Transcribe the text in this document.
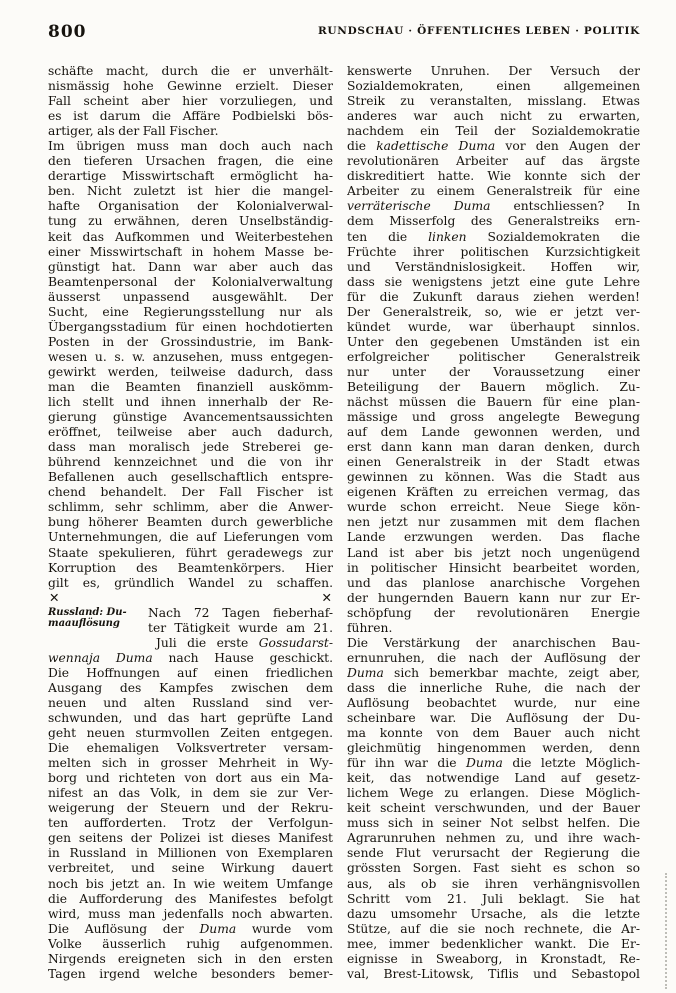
800	RUNDSCHAU · ÖFFENTLICHES LEBEN · POLITIK
schäfte macht, durch die er unverhält-
nismässig hohe Gewinne erzielt. Dieser
Fall scheint aber hier vorzuliegen, und
es ist darum die Affäre Podbielski bös-
artiger, als der Fall Fischer.
Im übrigen muss man doch auch nach
den tieferen Ursachen fragen, die eine
derartige Misswirtschaft ermöglicht ha-
ben. Nicht zuletzt ist hier die mangel-
hafte Organisation der Kolonialverwal-
tung zu erwähnen, deren Unselbständig-
keit das Aufkommen und Weiterbestehen
einer Misswirtschaft in hohem Masse be-
günstigt hat. Dann war aber auch das
Beamtenpersonal der Kolonialverwaltung
äusserst unpassend ausgewählt. Der
Sucht, eine Regierungsstellung nur als
Übergangsstadium für einen hochdotierten
Posten in der Grossindustrie, im Bank-
wesen u. s. w. anzusehen, muss entgegen-
gewirkt werden, teilweise dadurch, dass
man die Beamten finanziell auskömm-
lich stellt und ihnen innerhalb der Re-
gierung günstige Avancementsaussichten
eröffnet, teilweise aber auch dadurch,
dass man moralisch jede Streberei ge-
bührend kennzeichnet und die von ihr
Befallenen auch gesellschaftlich entspre-
chend behandelt. Der Fall Fischer ist
schlimm, sehr schlimm, aber die Anwer-
bung höherer Beamten durch gewerbliche
Unternehmungen, die auf Lieferungen vom
Staate spekulieren, führt geradewegs zur
Korruption des Beamtenkörpers. Hier
gilt es, gründlich Wandel zu schaffen.
✕	✕
Russland: Du-
maauflösung
Nach 72 Tagen fieberhaf-
ter Tätigkeit wurde am 21.
Juli die erste Gossudarst-
wennaja Duma nach Hause geschickt.
Die Hoffnungen auf einen friedlichen
Ausgang des Kampfes zwischen dem
neuen und alten Russland sind ver-
schwunden, und das hart geprüfte Land
geht neuen sturmvollen Zeiten entgegen.
Die ehemaligen Volksvertreter versam-
melten sich in grosser Mehrheit in Wy-
borg und richteten von dort aus ein Ma-
nifest an das Volk, in dem sie zur Ver-
weigerung der Steuern und der Rekru-
ten aufforderten. Trotz der Verfolgun-
gen seitens der Polizei ist dieses Manifest
in Russland in Millionen von Exemplaren
verbreitet, und seine Wirkung dauert
noch bis jetzt an. In wie weitem Umfange
die Aufforderung des Manifestes befolgt
wird, muss man jedenfalls noch abwarten.
Die Auflösung der Duma wurde vom
Volke äusserlich ruhig aufgenommen.
Nirgends ereigneten sich in den ersten
Tagen irgend welche besonders bemer-
kenswerte Unruhen. Der Versuch der
Sozialdemokraten, einen allgemeinen
Streik zu veranstalten, misslang. Etwas
anderes war auch nicht zu erwarten,
nachdem ein Teil der Sozialdemokratie
die kadettische Duma vor den Augen der
revolutionären Arbeiter auf das ärgste
diskreditiert hatte. Wie konnte sich der
Arbeiter zu einem Generalstreik für eine
verräterische Duma entschliessen? In
dem Misserfolg des Generalstreiks ern-
ten die linken Sozialdemokraten die
Früchte ihrer politischen Kurzsichtigkeit
und Verständnislosigkeit. Hoffen wir,
dass sie wenigstens jetzt eine gute Lehre
für die Zukunft daraus ziehen werden!
Der Generalstreik, so, wie er jetzt ver-
kündet wurde, war überhaupt sinnlos.
Unter den gegebenen Umständen ist ein
erfolgreicher politischer Generalstreik
nur unter der Voraussetzung einer
Beteiligung der Bauern möglich. Zu-
nächst müssen die Bauern für eine plan-
mässige und gross angelegte Bewegung
auf dem Lande gewonnen werden, und
erst dann kann man daran denken, durch
einen Generalstreik in der Stadt etwas
gewinnen zu können. Was die Stadt aus
eigenen Kräften zu erreichen vermag, das
wurde schon erreicht. Neue Siege kön-
nen jetzt nur zusammen mit dem flachen
Lande erzwungen werden. Das flache
Land ist aber bis jetzt noch ungenügend
in politischer Hinsicht bearbeitet worden,
und das planlose anarchische Vorgehen
der hungernden Bauern kann nur zur Er-
schöpfung der revolutionären Energie
führen.
Die Verstärkung der anarchischen Bau-
ernunruhen, die nach der Auflösung der
Duma sich bemerkbar machte, zeigt aber,
dass die innerliche Ruhe, die nach der
Auflösung beobachtet wurde, nur eine
scheinbare war. Die Auflösung der Du-
ma konnte von dem Bauer auch nicht
gleichmütig hingenommen werden, denn
für ihn war die Duma die letzte Möglich-
keit, das notwendige Land auf gesetz-
lichem Wege zu erlangen. Diese Möglich-
keit scheint verschwunden, und der Bauer
muss sich in seiner Not selbst helfen. Die
Agrarunruhen nehmen zu, und ihre wach-
sende Flut verursacht der Regierung die
grössten Sorgen. Fast sieht es schon so
aus, als ob sie ihren verhängnisvollen
Schritt vom 21. Juli beklagt. Sie hat
dazu umsomehr Ursache, als die letzte
Stütze, auf die sie noch rechnete, die Ar-
mee, immer bedenklicher wankt. Die Er-
eignisse in Sweaborg, in Kronstadt, Re-
val, Brest-Litowsk, Tiflis und Sebastopol
